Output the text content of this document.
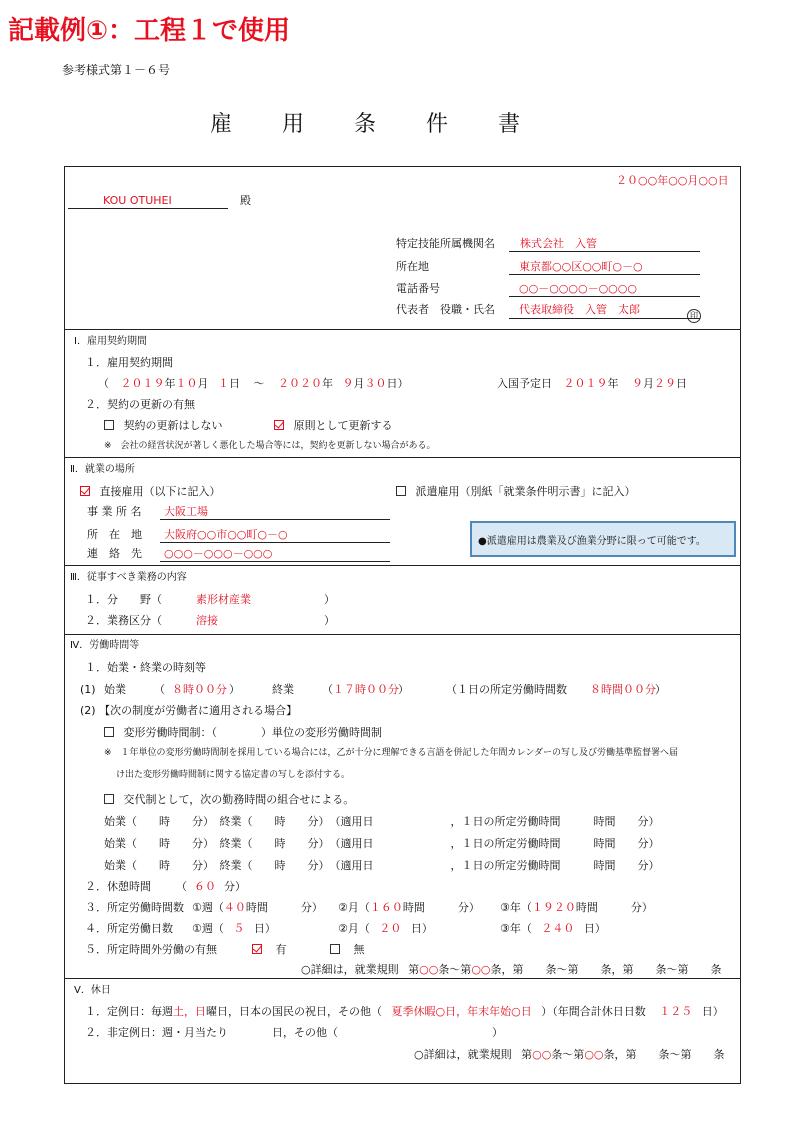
記載例①：工程１で使用
参考様式第１－６号
雇　　用　　条　　件　　書
２０○○年○○月○○日
KOU OTUHEI	殿
特定技能所属機関名 株式会社　入管
所在地	東京都○○区○○町○－○
電話番号	○○－○○○○－○○○○
代表者　役職・氏名 代表取締役　入管　太郎	印
Ⅰ．雇用契約期間
１．雇用契約期間
（ ２０１９年１０月 １日 ～ ２０２０年 ９月３０日）	入国予定日 ２０１９年 ９月２９日
２．契約の更新の有無
契約の更新はしない	原則として更新する
※　会社の経営状況が著しく悪化した場合等には，契約を更新しない場合がある。
Ⅱ．就業の場所
直接雇用（以下に記入）	派遣雇用（別紙「就業条件明示書」に記入）
事 業 所 名 大阪工場
所　在　地 大阪府○○市○○町○－○
連　絡　先 ○○○－○○○－○○○
●派遣雇用は農業及び漁業分野に限って可能です。
Ⅲ．従事すべき業務の内容
１．分　　野（	素形材産業	）
２．業務区分（	溶接	）
Ⅳ．労働時間等
１．始業・終業の時刻等
(1) 始業	（ ８時００分 ）	終業	（ １７時００分 ）	（１日の所定労働時間数 ８時間００分 ）
(2) 【次の制度が労働者に適用される場合】
変形労働時間制：（　　　　）単位の変形労働時間制
※　１年単位の変形労働時間制を採用している場合には，乙が十分に理解できる言語を併記した年間カレンダーの写し及び労働基準監督署へ届
け出た変形労働時間制に関する協定書の写しを添付する。
交代制として，次の勤務時間の組合せによる。
始業（　　時　　分）　終業（　　時　　分）　（適用日　　　　　　　，１日の所定労働時間　　　時間　　分）
始業（　　時　　分）　終業（　　時　　分）　（適用日　　　　　　　，１日の所定労働時間　　　時間　　分）
始業（　　時　　分）　終業（　　時　　分）　（適用日　　　　　　　，１日の所定労働時間　　　時間　　分）
２．休憩時間 （ ６０ 分）
３．所定労働時間数 ①週（４０時間　　　分） ②月（１６０時間　　　分） ③年（１９２０時間　　　分）
４．所定労働日数 ①週（ ５ 日）	②月（ ２０ 日）	③年（ ２４０ 日）
５．所定時間外労働の有無	有	無
○詳細は，就業規則 第○○条～第○○条，第　　条～第　　条，第　　条～第　　条
Ⅴ．休日
１．定例日：毎週土，日曜日，日本の国民の祝日，その他（ 夏季休暇○日，年末年始○日 ）（年間合計休日日数 １２５ 日）
２．非定例日：週・月当たり　　　　日，その他（　　　　　　　　　　　　　　）
○詳細は，就業規則 第○○条～第○○条，第　　条～第　　条
